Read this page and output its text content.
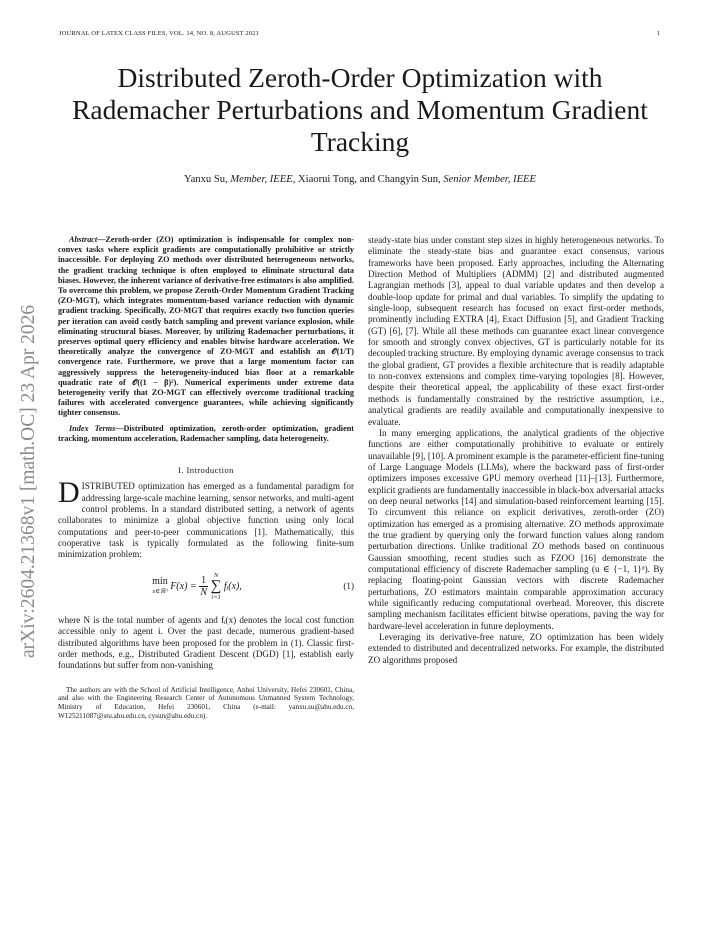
JOURNAL OF LATEX CLASS FILES, VOL. 14, NO. 8, AUGUST 2021	1
arXiv:2604.21368v1 [math.OC] 23 Apr 2026
Distributed Zeroth-Order Optimization with
Rademacher Perturbations and Momentum Gradient
Tracking
Yanxu Su, Member, IEEE, Xiaorui Tong, and Changyin Sun, Senior Member, IEEE

Abstract—Zeroth-order (ZO) optimization is indispensable for complex non-convex tasks where explicit gradients are computationally prohibitive or strictly inaccessible. For deploying ZO methods over distributed heterogeneous networks, the gradient tracking technique is often employed to eliminate structural data biases. However, the inherent variance of derivative-free estimators is also amplified. To overcome this problem, we propose Zeroth-Order Momentum Gradient Tracking (ZO-MGT), which integrates momentum-based variance reduction with dynamic gradient tracking. Specifically, ZO-MGT that requires exactly two function queries per iteration can avoid costly batch sampling and prevent variance explosion, while eliminating structural biases. Moreover, by utilizing Rademacher perturbations, it preserves optimal query efficiency and enables bitwise hardware acceleration. We theoretically analyze the convergence of ZO-MGT and establish an 𝒪(1/T) convergence rate. Furthermore, we prove that a large momentum factor can aggressively suppress the heterogeneity-induced bias floor at a remarkable quadratic rate of 𝒪((1 − β)²). Numerical experiments under extreme data heterogeneity verify that ZO-MGT can effectively overcome traditional tracking failures with accelerated convergence guarantees, while achieving significantly tighter consensus.

Index Terms—Distributed optimization, zeroth-order optimization, gradient tracking, momentum acceleration, Rademacher sampling, data heterogeneity.

I. Introduction

DISTRIBUTED optimization has emerged as a fundamental paradigm for addressing large-scale machine learning, sensor networks, and multi-agent control problems. In a standard distributed setting, a network of agents collaborates to minimize a global objective function using only local computations and peer-to-peer communications [1]. Mathematically, this cooperative task is typically formulated as the following finite-sum minimization problem:

min
x∈ℝᵈ $F(x) = \frac{1}{N}$
N
∑
i=1
fᵢ(x),	(1)

where N is the total number of agents and fᵢ(x) denotes the local cost function accessible only to agent i. Over the past decade, numerous gradient-based distributed algorithms have been proposed for the problem in (1). Classic first-order methods, e.g., Distributed Gradient Descent (DGD) [1], establish early foundations but suffer from non-vanishing

The authors are with the School of Artificial Intelligence, Anhui University, Hefei 230601, China, and also with the Engineering Research Center of Autonomous Unmanned System Technology, Ministry of Education, Hefei 230601, China (e-mail: yanxu.su@ahu.edu.cn, W125211087@stu.ahu.edu.cn, cysun@ahu.edu.cn).

steady-state bias under constant step sizes in highly heterogeneous networks. To eliminate the steady-state bias and guarantee exact consensus, various frameworks have been proposed. Early approaches, including the Alternating Direction Method of Multipliers (ADMM) [2] and distributed augmented Lagrangian methods [3], appeal to dual variable updates and then develop a double-loop update for primal and dual variables. To simplify the updating to single-loop, subsequent research has focused on exact first-order methods, prominently including EXTRA [4], Exact Diffusion [5], and Gradient Tracking (GT) [6], [7]. While all these methods can guarantee exact linear convergence for smooth and strongly convex objectives, GT is particularly notable for its decoupled tracking structure. By employing dynamic average consensus to track the global gradient, GT provides a flexible architecture that is readily adaptable to non-convex extensions and complex time-varying topologies [8]. However, despite their theoretical appeal, the applicability of these exact first-order methods is fundamentally constrained by the restrictive assumption, i.e., analytical gradients are readily available and computationally inexpensive to evaluate.

In many emerging applications, the analytical gradients of the objective functions are either computationally prohibitive to evaluate or entirely unavailable [9], [10]. A prominent example is the parameter-efficient fine-tuning of Large Language Models (LLMs), where the backward pass of first-order optimizers imposes excessive GPU memory overhead [11]–[13]. Furthermore, explicit gradients are fundamentally inaccessible in black-box adversarial attacks on deep neural networks [14] and simulation-based reinforcement learning [15]. To circumvent this reliance on explicit derivatives, zeroth-order (ZO) optimization has emerged as a promising alternative. ZO methods approximate the true gradient by querying only the forward function values along random perturbation directions. Unlike traditional ZO methods based on continuous Gaussian smoothing, recent studies such as FZOO [16] demonstrate the computational efficiency of discrete Rademacher sampling (u ∈ {−1, 1}ᵈ). By replacing floating-point Gaussian vectors with discrete Rademacher perturbations, ZO estimators maintain comparable approximation accuracy while significantly reducing computational overhead. Moreover, this discrete sampling mechanism facilitates efficient bitwise operations, paving the way for hardware-level acceleration in future deployments.

Leveraging its derivative-free nature, ZO optimization has been widely extended to distributed and decentralized networks. For example, the distributed ZO algorithms proposed
